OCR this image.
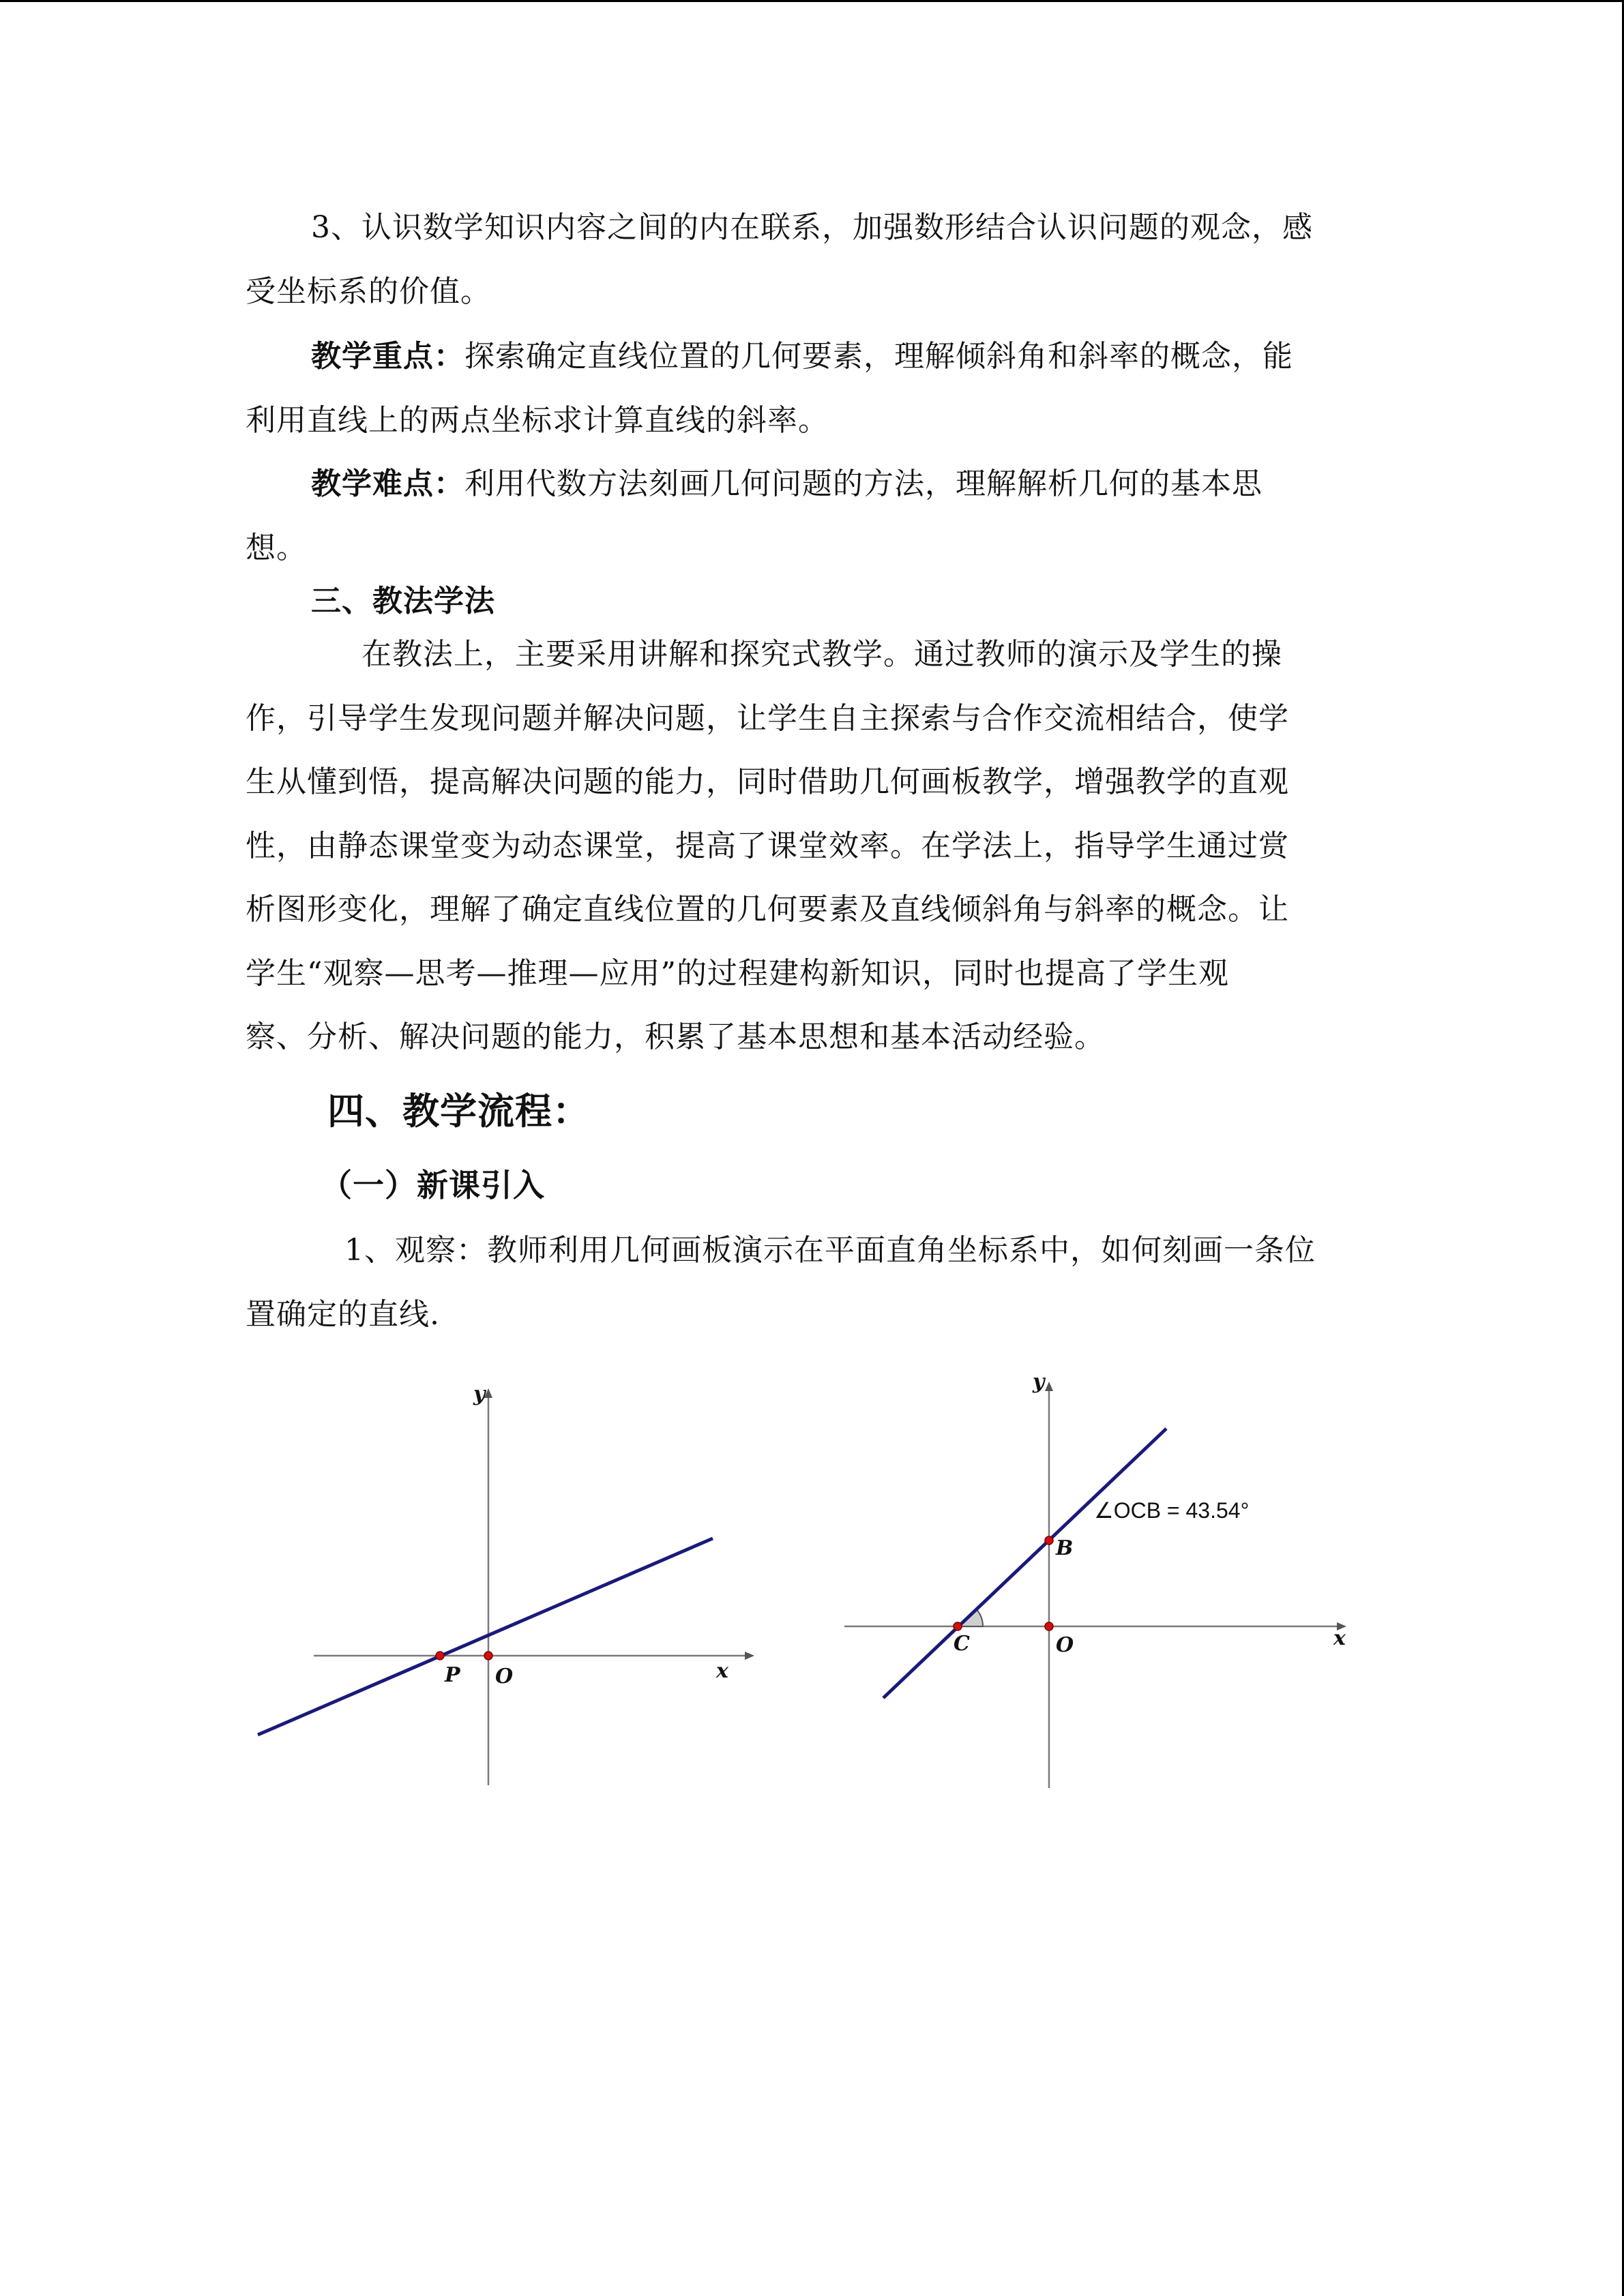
3、认识数学知识内容之间的内在联系，加强数形结合认识问题的观念，感
受坐标系的价值。
教学重点：探索确定直线位置的几何要素，理解倾斜角和斜率的概念，能
利用直线上的两点坐标求计算直线的斜率。
教学难点：利用代数方法刻画几何问题的方法，理解解析几何的基本思
想。
三、教法学法
在教法上，主要采用讲解和探究式教学。通过教师的演示及学生的操
作，引导学生发现问题并解决问题，让学生自主探索与合作交流相结合，使学
生从懂到悟，提高解决问题的能力，同时借助几何画板教学，增强教学的直观
性，由静态课堂变为动态课堂，提高了课堂效率。在学法上，指导学生通过赏
析图形变化，理解了确定直线位置的几何要素及直线倾斜角与斜率的概念。让
学生“观察—思考—推理—应用”的过程建构新知识，同时也提高了学生观
察、分析、解决问题的能力，积累了基本思想和基本活动经验。
四、教学流程：
（一）新课引入
1、观察：教师利用几何画板演示在平面直角坐标系中，如何刻画一条位
置确定的直线.
P O	x
y
B
C	O	x
y
∠OCB = 43.54°
